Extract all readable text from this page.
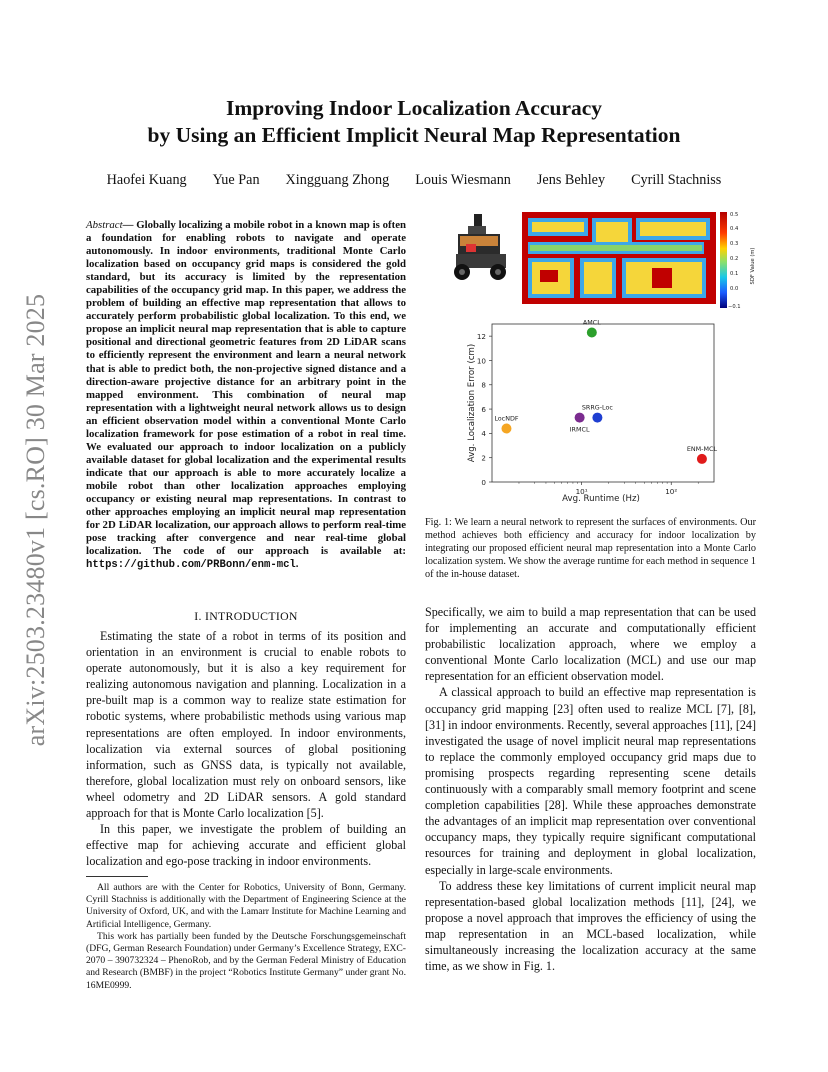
arXiv:2503.23480v1 [cs.RO] 30 Mar 2025
Improving Indoor Localization Accuracy
by Using an Efficient Implicit Neural Map Representation
Haofei Kuang Yue Pan Xingguang Zhong Louis Wiesmann Jens Behley Cyrill Stachniss
Abstract— Globally localizing a mobile robot in a known map is often a foundation for enabling robots to navigate and operate autonomously. In indoor environments, traditional Monte Carlo localization based on occupancy grid maps is considered the gold standard, but its accuracy is limited by the representation capabilities of the occupancy grid map. In this paper, we address the problem of building an effective map representation that allows to accurately perform probabilistic global localization. To this end, we propose an implicit neural map representation that is able to capture positional and directional geometric features from 2D LiDAR scans to efficiently represent the environment and learn a neural network that is able to predict both, the non-projective signed distance and a direction-aware projective distance for an arbitrary point in the mapped environment. This combination of neural map representation with a lightweight neural network allows us to design an efficient observation model within a conventional Monte Carlo localization framework for pose estimation of a robot in real time. We evaluated our approach to indoor localization on a publicly available dataset for global localization and the experimental results indicate that our approach is able to more accurately localize a mobile robot than other localization approaches employing occupancy or existing neural map representations. In contrast to other approaches employing an implicit neural map representation for 2D LiDAR localization, our approach allows to perform real-time pose tracking after convergence and near real-time global localization. The code of our approach is available at: https://github.com/PRBonn/enm-mcl.
I. INTRODUCTION

Estimating the state of a robot in terms of its position and orientation in an environment is crucial to enable robots to operate autonomously, but it is also a key requirement for realizing autonomous navigation and planning. Localization in a pre-built map is a common way to realize state estimation for robotic systems, where probabilistic methods using various map representations are often employed. In indoor environments, localization via external sources of global positioning information, such as GNSS data, is typically not available, therefore, global localization must rely on onboard sensors, like wheel odometry and 2D LiDAR sensors. A gold standard approach for that is Monte Carlo localization [5].

In this paper, we investigate the problem of building an effective map for achieving accurate and efficient global localization and ego-pose tracking in indoor environments.

All authors are with the Center for Robotics, University of Bonn, Germany. Cyrill Stachniss is additionally with the Department of Engineering Science at the University of Oxford, UK, and with the Lamarr Institute for Machine Learning and Artificial Intelligence, Germany.

This work has partially been funded by the Deutsche Forschungsgemeinschaft (DFG, German Research Foundation) under Germany’s Excellence Strategy, EXC-2070 – 390732324 – PhenoRob, and by the German Federal Ministry of Education and Research (BMBF) in the project “Robotics Institute Germany” under grant No. 16ME0999.

0.5
0.4
0.3
0.2
0.1
0.0
−0.1
SDF Value (m)
0
2
4
6
8
10
12
10¹	10²
AMCL
SRRG-Loc
IRMCL
LocNDF
ENM-MCL
Avg. Runtime (Hz)
Avg. Localization Error (cm)
Fig. 1: We learn a neural network to represent the surfaces of environments. Our method achieves both efficiency and accuracy for indoor localization by integrating our proposed efficient neural map representation into a Monte Carlo localization system. We show the average runtime for each method in sequence 1 of the in-house dataset.

Specifically, we aim to build a map representation that can be used for implementing an accurate and computationally efficient probabilistic localization approach, where we employ a conventional Monte Carlo localization (MCL) and use our map representation for an efficient observation model.

A classical approach to build an effective map representation is occupancy grid mapping [23] often used to realize MCL [7], [8], [31] in indoor environments. Recently, several approaches [11], [24] investigated the usage of novel implicit neural map representations to replace the commonly employed occupancy grid maps due to promising prospects regarding representing scene details continuously with a comparably small memory footprint and scene completion capabilities [28]. While these approaches demonstrate the advantages of an implicit map representation over conventional occupancy maps, they typically require significant computational resources for training and deployment in global localization, especially in large-scale environments.

To address these key limitations of current implicit neural map representation-based global localization methods [11], [24], we propose a novel approach that improves the efficiency of using the map representation in an MCL-based localization, while simultaneously increasing the localization accuracy at the same time, as we show in Fig. 1.
